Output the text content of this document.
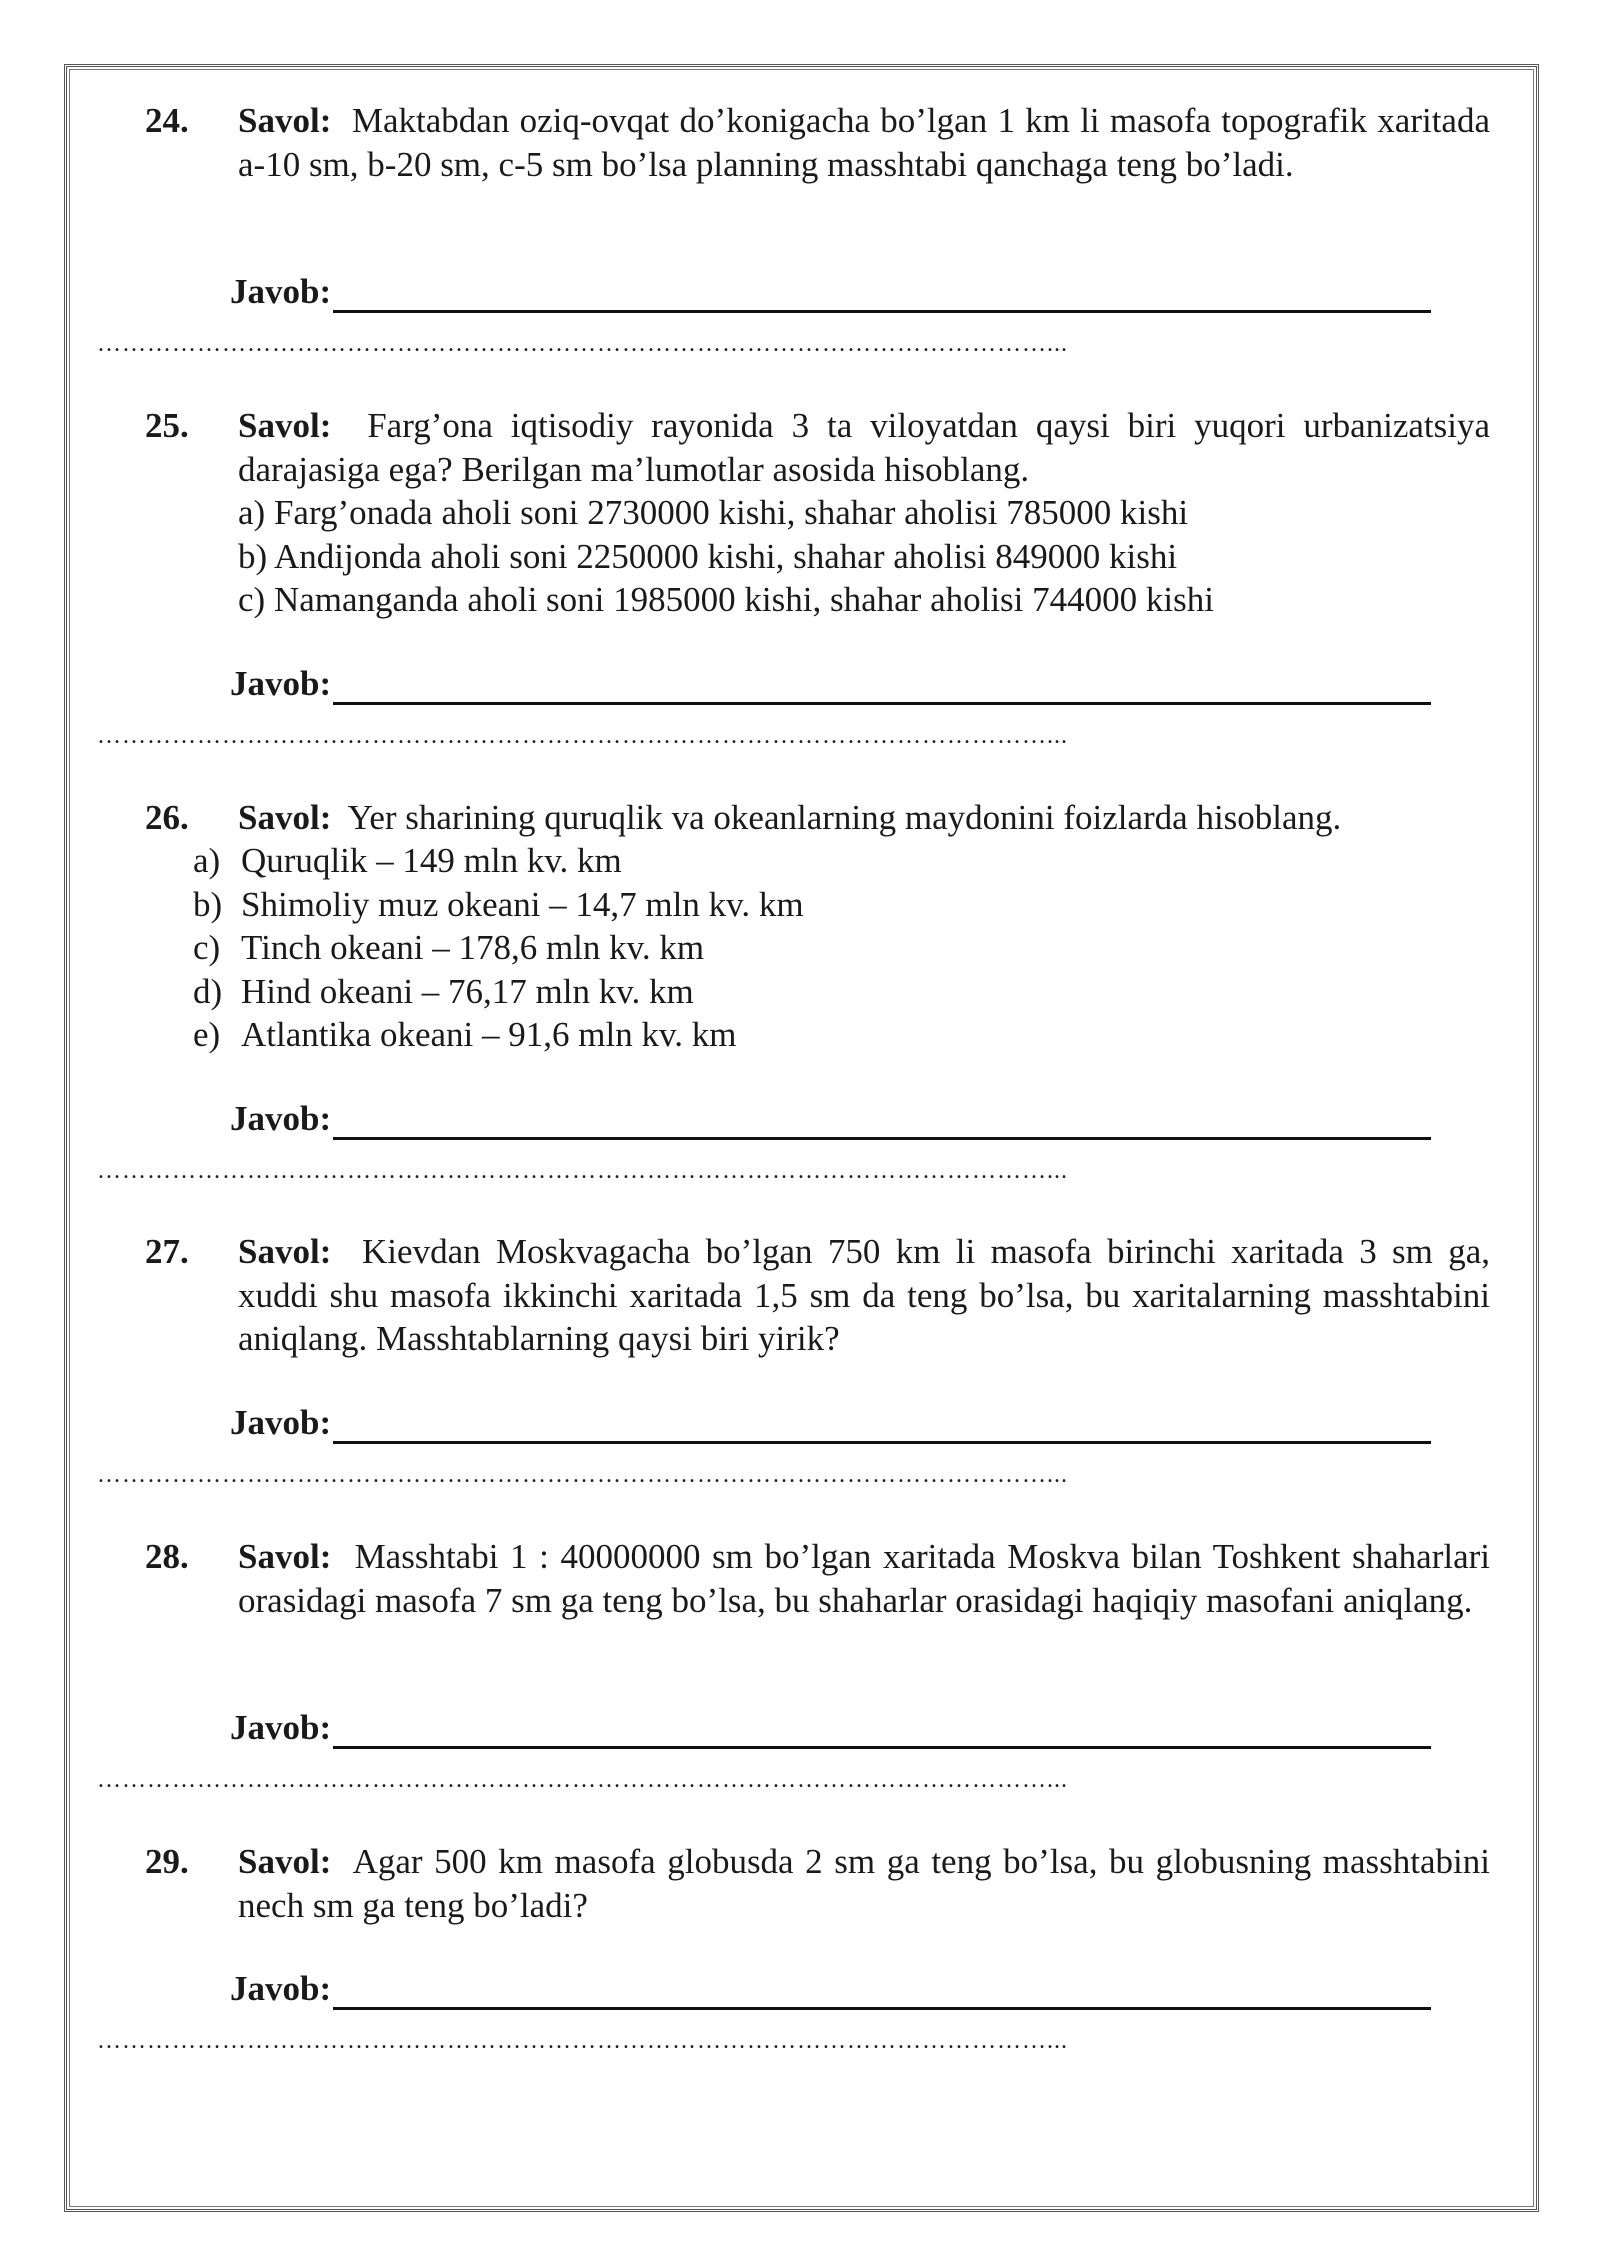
24. Savol: Maktabdan oziq-ovqat do’konigacha bo’lgan 1 km li masofa topografik xaritada a-10 sm, b-20 sm, c-5 sm bo’lsa planning masshtabi qanchaga teng bo’ladi.
Javob:
……………………………………………………………………………………………………...
25. Savol: Farg’ona iqtisodiy rayonida 3 ta viloyatdan qaysi biri yuqori urbanizatsiya darajasiga ega? Berilgan ma’lumotlar asosida hisoblang.
a) Farg’onada aholi soni 2730000 kishi, shahar aholisi 785000 kishi
b) Andijonda aholi soni 2250000 kishi, shahar aholisi 849000 kishi
c) Namanganda aholi soni 1985000 kishi, shahar aholisi 744000 kishi
Javob:
……………………………………………………………………………………………………...
26. Savol: Yer sharining quruqlik va okeanlarning maydonini foizlarda hisoblang.
a) Quruqlik – 149 mln kv. km
b) Shimoliy muz okeani – 14,7 mln kv. km
c) Tinch okeani – 178,6 mln kv. km
d) Hind okeani – 76,17 mln kv. km
e) Atlantika okeani – 91,6 mln kv. km
Javob:
……………………………………………………………………………………………………...
27. Savol: Kievdan Moskvagacha bo’lgan 750 km li masofa birinchi xaritada 3 sm ga, xuddi shu masofa ikkinchi xaritada 1,5 sm da teng bo’lsa, bu xaritalarning masshtabini aniqlang. Masshtablarning qaysi biri yirik?
Javob:
……………………………………………………………………………………………………...
28. Savol: Masshtabi 1 : 40000000 sm bo’lgan xaritada Moskva bilan Toshkent shaharlari orasidagi masofa 7 sm ga teng bo’lsa, bu shaharlar orasidagi haqiqiy masofani aniqlang.
Javob:
……………………………………………………………………………………………………...
29. Savol: Agar 500 km masofa globusda 2 sm ga teng bo’lsa, bu globusning masshtabini nech sm ga teng bo’ladi?
Javob:
……………………………………………………………………………………………………...
